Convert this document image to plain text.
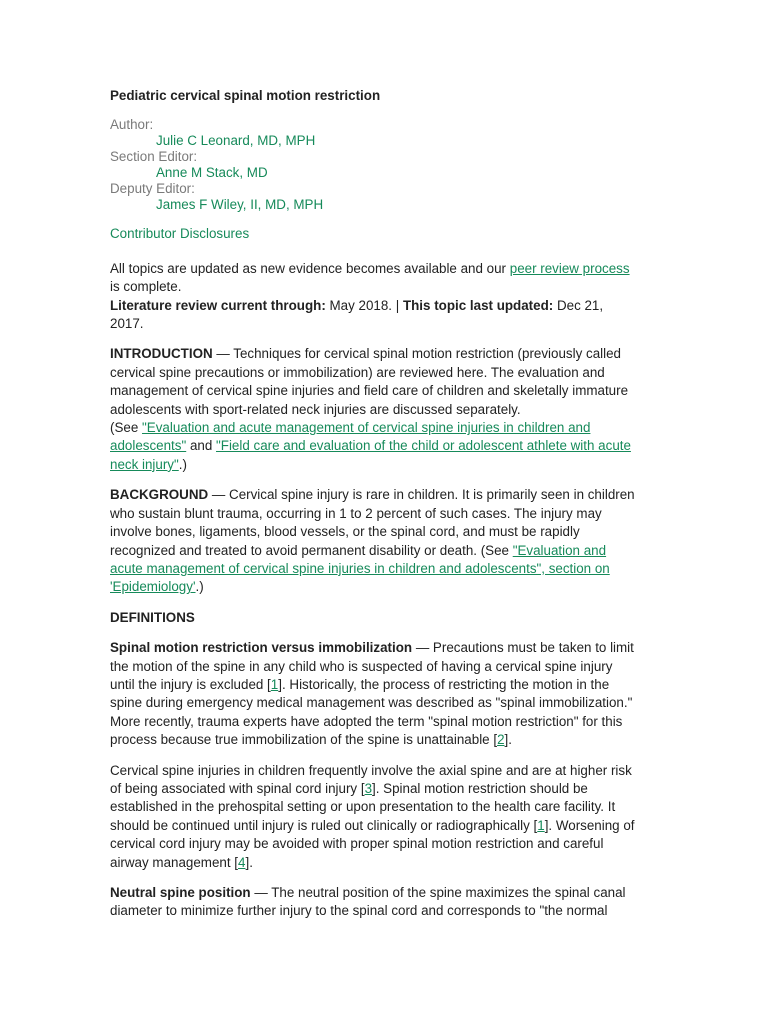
Pediatric cervical spinal motion restriction
Author:
Julie C Leonard, MD, MPH
Section Editor:
Anne M Stack, MD
Deputy Editor:
James F Wiley, II, MD, MPH
Contributor Disclosures

All topics are updated as new evidence becomes available and our peer review process is complete.
Literature review current through: May 2018. | This topic last updated: Dec 21, 2017.

INTRODUCTION — Techniques for cervical spinal motion restriction (previously called cervical spine precautions or immobilization) are reviewed here. The evaluation and management of cervical spine injuries and field care of children and skeletally immature adolescents with sport-related neck injuries are discussed separately.
(See "Evaluation and acute management of cervical spine injuries in children and adolescents" and "Field care and evaluation of the child or adolescent athlete with acute neck injury".)

BACKGROUND — Cervical spine injury is rare in children. It is primarily seen in children who sustain blunt trauma, occurring in 1 to 2 percent of such cases. The injury may involve bones, ligaments, blood vessels, or the spinal cord, and must be rapidly recognized and treated to avoid permanent disability or death. (See "Evaluation and acute management of cervical spine injuries in children and adolescents", section on 'Epidemiology'.)

DEFINITIONS

Spinal motion restriction versus immobilization — Precautions must be taken to limit the motion of the spine in any child who is suspected of having a cervical spine injury until the injury is excluded [1]. Historically, the process of restricting the motion in the spine during emergency medical management was described as "spinal immobilization." More recently, trauma experts have adopted the term "spinal motion restriction" for this process because true immobilization of the spine is unattainable [2].

Cervical spine injuries in children frequently involve the axial spine and are at higher risk of being associated with spinal cord injury [3]. Spinal motion restriction should be established in the prehospital setting or upon presentation to the health care facility. It should be continued until injury is ruled out clinically or radiographically [1]. Worsening of cervical cord injury may be avoided with proper spinal motion restriction and careful airway management [4].

Neutral spine position — The neutral position of the spine maximizes the spinal canal diameter to minimize further injury to the spinal cord and corresponds to "the normal
